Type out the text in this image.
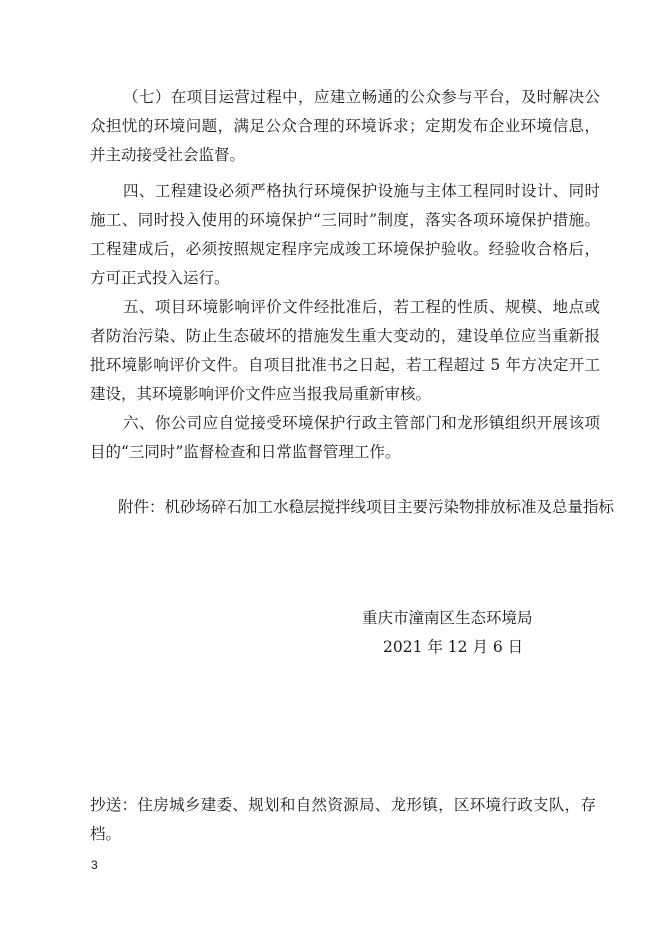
（七）在项目运营过程中，应建立畅通的公众参与平台，及时解决公众担忧的环境问题，满足公众合理的环境诉求；定期发布企业环境信息，并主动接受社会监督。

四、工程建设必须严格执行环境保护设施与主体工程同时设计、同时施工、同时投入使用的环境保护“三同时”制度，落实各项环境保护措施。工程建成后，必须按照规定程序完成竣工环境保护验收。经验收合格后，方可正式投入运行。

五、项目环境影响评价文件经批准后，若工程的性质、规模、地点或者防治污染、防止生态破坏的措施发生重大变动的，建设单位应当重新报批环境影响评价文件。自项目批准书之日起，若工程超过 5 年方决定开工建设，其环境影响评价文件应当报我局重新审核。

六、你公司应自觉接受环境保护行政主管部门和龙形镇组织开展该项目的“三同时”监督检查和日常监督管理工作。

附件：机砂场碎石加工水稳层搅拌线项目主要污染物排放标准及总量指标

重庆市潼南区生态环境局
2021 年 12 月 6 日

抄送：住房城乡建委、规划和自然资源局、龙形镇，区环境行政支队，存档。

3
